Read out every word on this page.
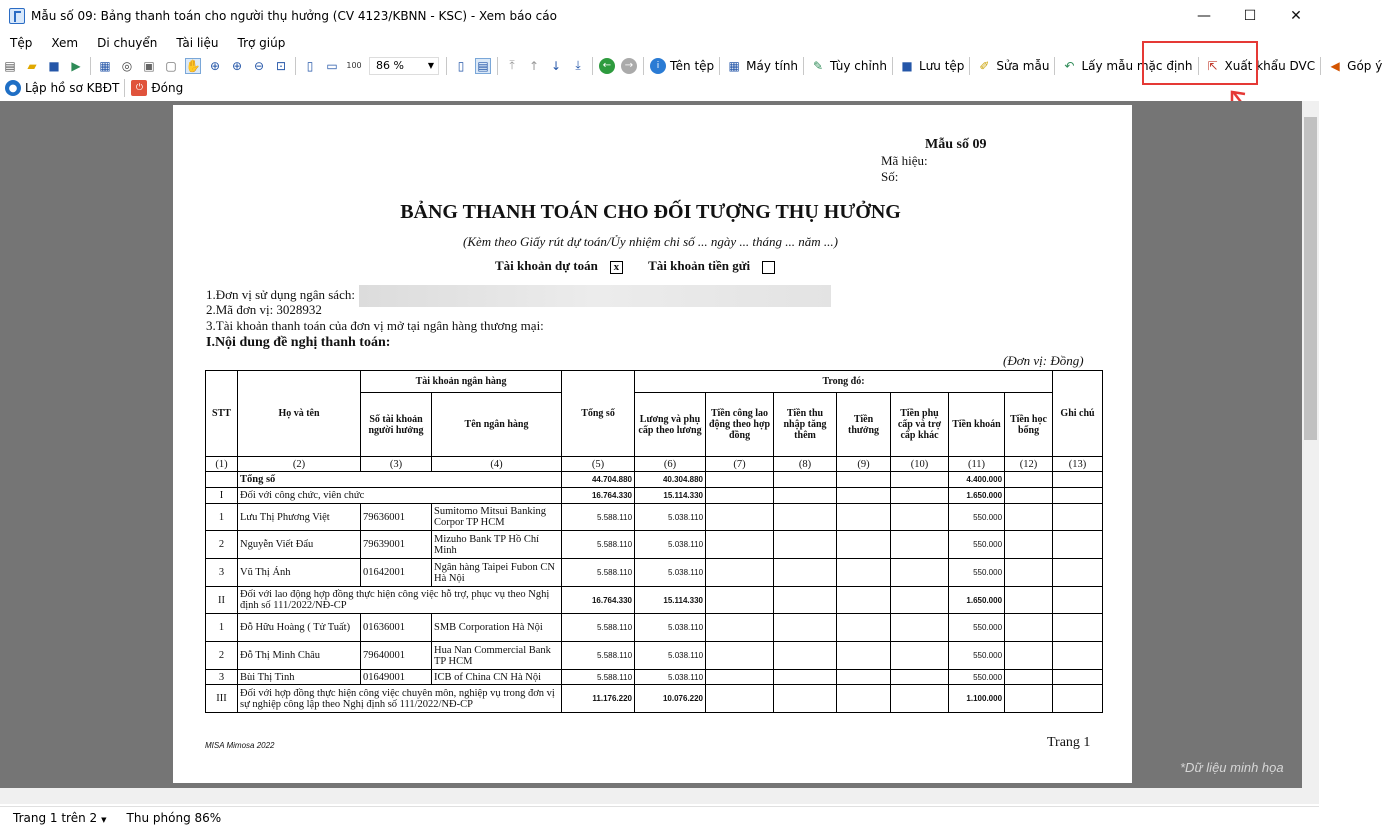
Mẫu số 09: Bảng thanh toán cho người thụ hưởng (CV 4123/KBNN - KSC) - Xem báo cáo	—	☐	✕
Tệp	Xem	Di chuyển	Tài liệu	Trợ giúp
▤ ▰ ■ ▶ ▦ ◎ ▣ ▢ ✋ ⊕ ⊕ ⊖ ⊡	▯	▭ 100 86 %	▼	▯	▤	⤒	↑ ↓	⤓	←	→	i Tên tệp ▦ Máy tính ✎ Tùy chỉnh ■ Lưu tệp ✐ Sửa mẫu ↶ Lấy mẫu mặc định ⇱ Xuất khẩu DVC ◀ Góp ý
● Lập hồ sơ KBĐT	⏻ Đóng
Mẫu số 09
Mã hiệu:
Số:
BẢNG THANH TOÁN CHO ĐỐI TƯỢNG THỤ HƯỞNG
(Kèm theo Giấy rút dự toán/Ủy nhiệm chi số ... ngày ... tháng ... năm ...)
Tài khoản dự toán x Tài khoản tiền gửi
1.Đơn vị sử dụng ngân sách:
2.Mã đơn vị: 3028932
3.Tài khoản thanh toán của đơn vị mở tại ngân hàng thương mại:
I.Nội dung đề nghị thanh toán:
(Đơn vị: Đồng)
STT	Họ và tên	Tài khoản ngân hàng		Tổng số	Trong đó:							Ghi chú
		Số tài khoản người hưởng	Tên ngân hàng		Lương và phụ cấp theo lương	Tiền công lao động theo hợp đồng	Tiền thu nhập tăng thêm	Tiền thưởng	Tiền phụ cấp và trợ cấp khác	Tiền khoán	Tiền học bổng	
(1)	(2)	(3)	(4)	(5)	(6)	(7)	(8)	(9)	(10)	(11)	(12)	(13)
	Tổng số			44.704.880	40.304.880					4.400.000		
I	Đối với công chức, viên chức			16.764.330	15.114.330					1.650.000		
1	Lưu Thị Phương Việt	79636001	Sumitomo Mitsui Banking Corpor TP HCM	5.588.110	5.038.110					550.000		
2	Nguyễn Viết Đẩu	79639001	Mizuho Bank TP Hồ Chí Minh	5.588.110	5.038.110					550.000		
3	Vũ Thị Ánh	01642001	Ngân hàng Taipei Fubon CN Hà Nội	5.588.110	5.038.110					550.000		
II	Đối với lao động hợp đồng thực hiện công việc hỗ trợ, phục vụ theo Nghị định số 111/2022/NĐ-CP			16.764.330	15.114.330					1.650.000		
1	Đỗ Hữu Hoàng ( Tử Tuất)	01636001	SMB Corporation Hà Nội	5.588.110	5.038.110					550.000		
2	Đỗ Thị Minh Châu	79640001	Hua Nan Commercial Bank TP HCM	5.588.110	5.038.110					550.000		
3	Bùi Thị Tình	01649001	ICB of China CN Hà Nội	5.588.110	5.038.110					550.000		
III	Đối với hợp đồng thực hiện công việc chuyên môn, nghiệp vụ trong đơn vị sự nghiệp công lập theo Nghị định số 111/2022/NĐ-CP			11.176.220	10.076.220					1.100.000		
MISA Mimosa 2022	Trang 1
*Dữ liệu minh họa
Trang 1 trên 2 ▼ Thu phóng 86%
